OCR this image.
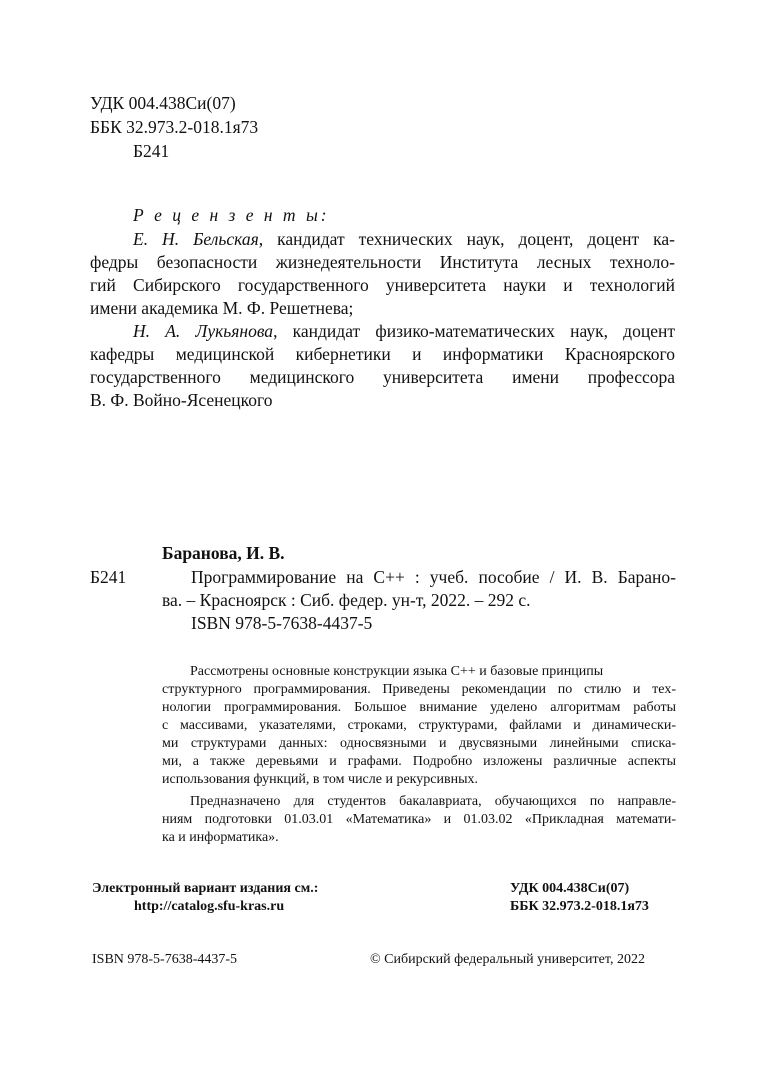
УДК 004.438Си(07)
ББК 32.973.2-018.1я73
Б241
Р е ц е н з е н т ы:
Е. Н. Бельская, кандидат технических наук, доцент, доцент ка-
федры безопасности жизнедеятельности Института лесных техноло-
гий Сибирского государственного университета науки и технологий
имени академика М. Ф. Решетнева;
Н. А. Лукьянова, кандидат физико-математических наук, доцент
кафедры медицинской кибернетики и информатики Красноярского
государственного медицинского университета имени профессора
В. Ф. Войно-Ясенецкого
Баранова, И. В.
Б241	Программирование на С++ : учеб. пособие / И. В. Барано-
ва. – Красноярск : Сиб. федер. ун-т, 2022. – 292 с.
ISBN 978-5-7638-4437-5
Рассмотрены основные конструкции языка С++ и базовые принципы
структурного программирования. Приведены рекомендации по стилю и тех-
нологии программирования. Большое внимание уделено алгоритмам работы
с массивами, указателями, строками, структурами, файлами и динамически-
ми структурами данных: односвязными и двусвязными линейными списка-
ми, а также деревьями и графами. Подробно изложены различные аспекты
использования функций, в том числе и рекурсивных.
Предназначено для студентов бакалавриата, обучающихся по направле-
ниям подготовки 01.03.01 «Математика» и 01.03.02 «Прикладная математи-
ка и информатика».
Электронный вариант издания см.:
http://catalog.sfu-kras.ru
УДК 004.438Си(07)
ББК 32.973.2-018.1я73
ISBN 978-5-7638-4437-5	© Сибирский федеральный университет, 2022
